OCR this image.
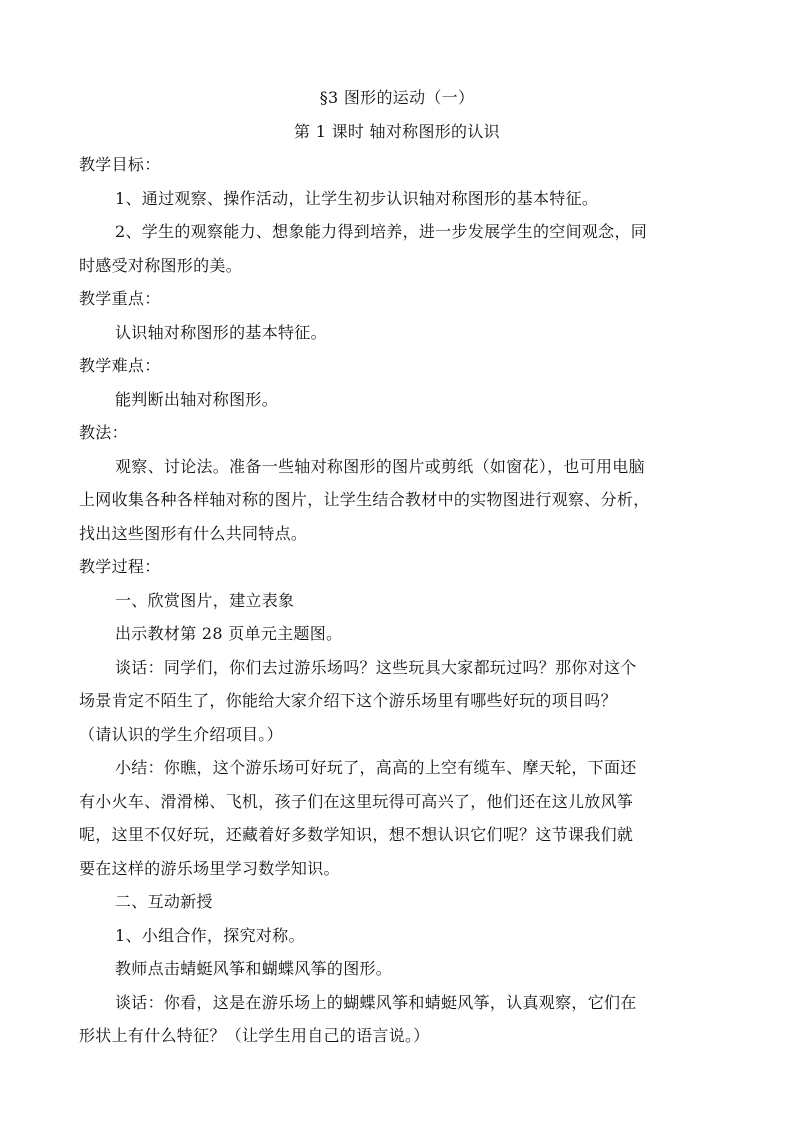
§3 图形的运动（一）
第 1 课时 轴对称图形的认识
教学目标：
1、通过观察、操作活动，让学生初步认识轴对称图形的基本特征。
2、学生的观察能力、想象能力得到培养，进一步发展学生的空间观念，同
时感受对称图形的美。
教学重点：
认识轴对称图形的基本特征。
教学难点：
能判断出轴对称图形。
教法：
观察、讨论法。准备一些轴对称图形的图片或剪纸（如窗花），也可用电脑
上网收集各种各样轴对称的图片，让学生结合教材中的实物图进行观察、分析，
找出这些图形有什么共同特点。
教学过程：
一、欣赏图片，建立表象
出示教材第 28 页单元主题图。
谈话：同学们，你们去过游乐场吗？这些玩具大家都玩过吗？那你对这个
场景肯定不陌生了，你能给大家介绍下这个游乐场里有哪些好玩的项目吗？
（请认识的学生介绍项目。）
小结：你瞧，这个游乐场可好玩了，高高的上空有缆车、摩天轮，下面还
有小火车、滑滑梯、飞机，孩子们在这里玩得可高兴了，他们还在这儿放风筝
呢，这里不仅好玩，还藏着好多数学知识，想不想认识它们呢？这节课我们就
要在这样的游乐场里学习数学知识。
二、互动新授
1、小组合作，探究对称。
教师点击蜻蜓风筝和蝴蝶风筝的图形。
谈话：你看，这是在游乐场上的蝴蝶风筝和蜻蜓风筝，认真观察，它们在
形状上有什么特征？（让学生用自己的语言说。）
